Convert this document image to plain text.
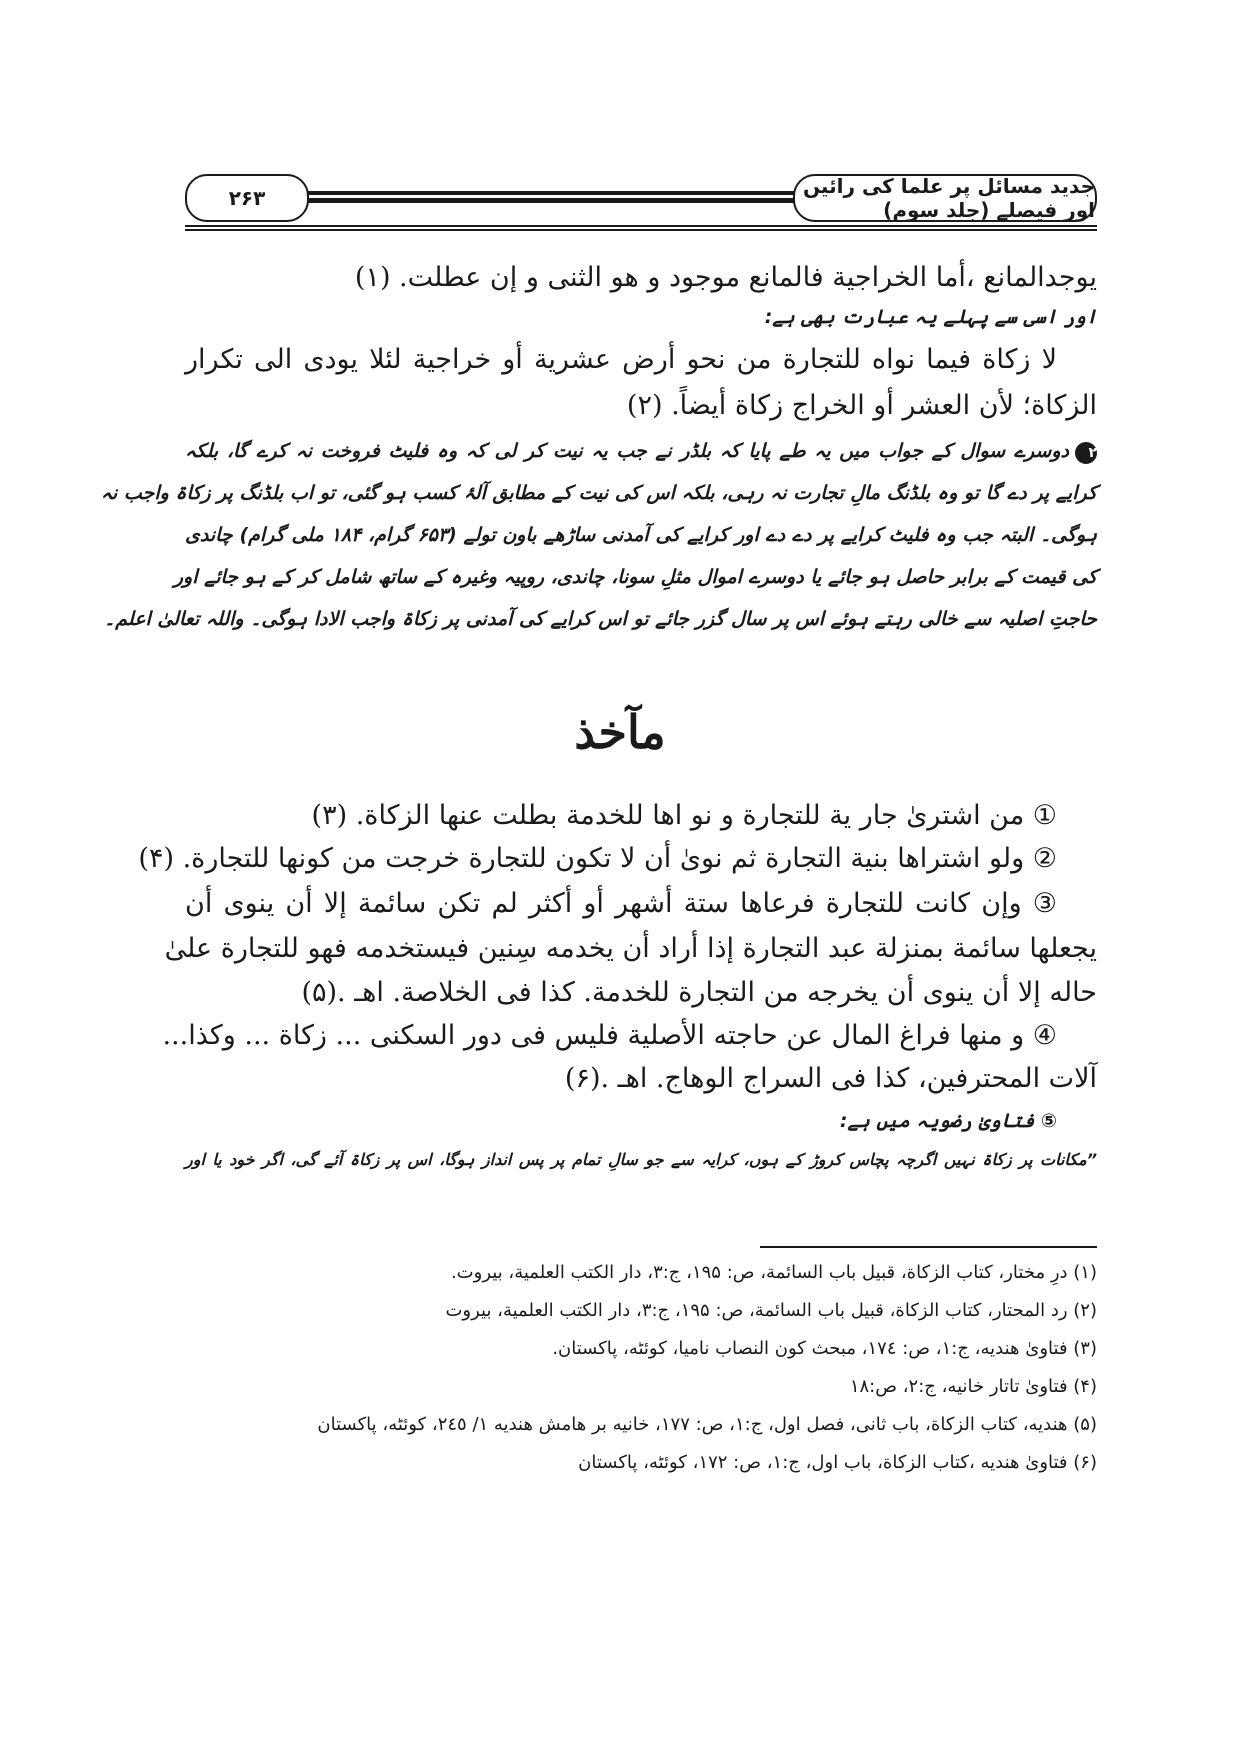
جدید مسائل پر علما کی رائیں اور فیصلے (جلد سوم)
۲۶۳
یوجدالمانع ،أما الخراجیة فالمانع موجود و هو الثنی و إن عطلت. (۱)
اور اسی سے پہلے یہ عبارت بھی ہے:
لا زکاة فیما نواه للتجارة من نحو أرض عشریة أو خراجیة لئلا یودی الی تکرار
الزکاة؛ لأن العشر أو الخراج زکاة أیضاً. (۲)
۲دوسرے سوال کے جواب میں یہ طے پایا کہ بلڈر نے جب یہ نیت کر لی کہ وہ فلیٹ فروخت نہ کرے گا، بلکہ
کرایے پر دے گا تو وہ بلڈنگ مالِ تجارت نہ رہی، بلکہ اس کی نیت کے مطابق آلۂ کسب ہو گئی، تو اب بلڈنگ پر زکاۃ واجب نہ
ہوگی۔ البتہ جب وہ فلیٹ کرایے پر دے دے اور کرایے کی آمدنی ساڑھے باون تولے (۶۵۳ گرام، ۱۸۴ ملی گرام) چاندی
کی قیمت کے برابر حاصل ہو جائے یا دوسرے اموال مثلِ سونا، چاندی، روپیہ وغیرہ کے ساتھ شامل کر کے ہو جائے اور
حاجتِ اصلیہ سے خالی رہتے ہوئے اس پر سال گزر جائے تو اس کرایے کی آمدنی پر زکاۃ واجب الادا ہوگی۔ واللہ تعالیٰ اعلم۔
مآخذ
① من اشتریٰ جار یة للتجارة و نو اها للخدمة بطلت عنها الزکاة. (۳)
② ولو اشتراها بنیة التجارة ثم نویٰ أن لا تکون للتجارة خرجت من کونها للتجارة. (۴)
③ وإن کانت للتجارة فرعاها ستة أشهر أو أکثر لم تکن سائمة إلا أن ینوی أن
یجعلها سائمة بمنزلة عبد التجارة إذا أراد أن یخدمه سِنین فیستخدمه فهو للتجارة علیٰ
حاله إلا أن ینوی أن یخرجه من التجارة للخدمة. کذا فی الخلاصة. اهـ .(۵)
④ و منها فراغ المال عن حاجته الأصلیة فلیس فی دور السکنی ... زکاة ... وکذا...
آلات المحترفین، کذا فی السراج الوهاج. اهـ .(۶)
⑤ فتاویٰ رضویہ میں ہے:
”مکانات پر زکاۃ نہیں اگرچہ پچاس کروڑ کے ہوں، کرایہ سے جو سالِ تمام پر پس انداز ہوگا، اس پر زکاۃ آئے گی، اگر خود یا اور
(۱) درِ مختار، کتاب الزکاة، قبیل باب السائمة، ص: ۱۹۵، ج:۳، دار الکتب العلمیة، بیروت.
(۲) رد المحتار، کتاب الزکاة، قبیل باب السائمة، ص: ۱۹۵، ج:۳، دار الکتب العلمیة، بیروت
(۳) فتاویٰ هندیه، ج:۱، ص: ۱۷٤، مبحث کون النصاب نامیا، کوئٹه، پاکستان.
(۴) فتاویٰ تاتار خانیه، ج:۲، ص:۱۸
(۵) هندیه، کتاب الزکاة، باب ثانی، فصل اول، ج:۱، ص: ۱۷۷، خانیه بر هامش هندیه ۱/ ۲٤٥، کوئٹه، پاکستان
(۶) فتاویٰ هندیه ،کتاب الزکاة، باب اول، ج:۱، ص: ۱۷۲، کوئٹه، پاکستان
